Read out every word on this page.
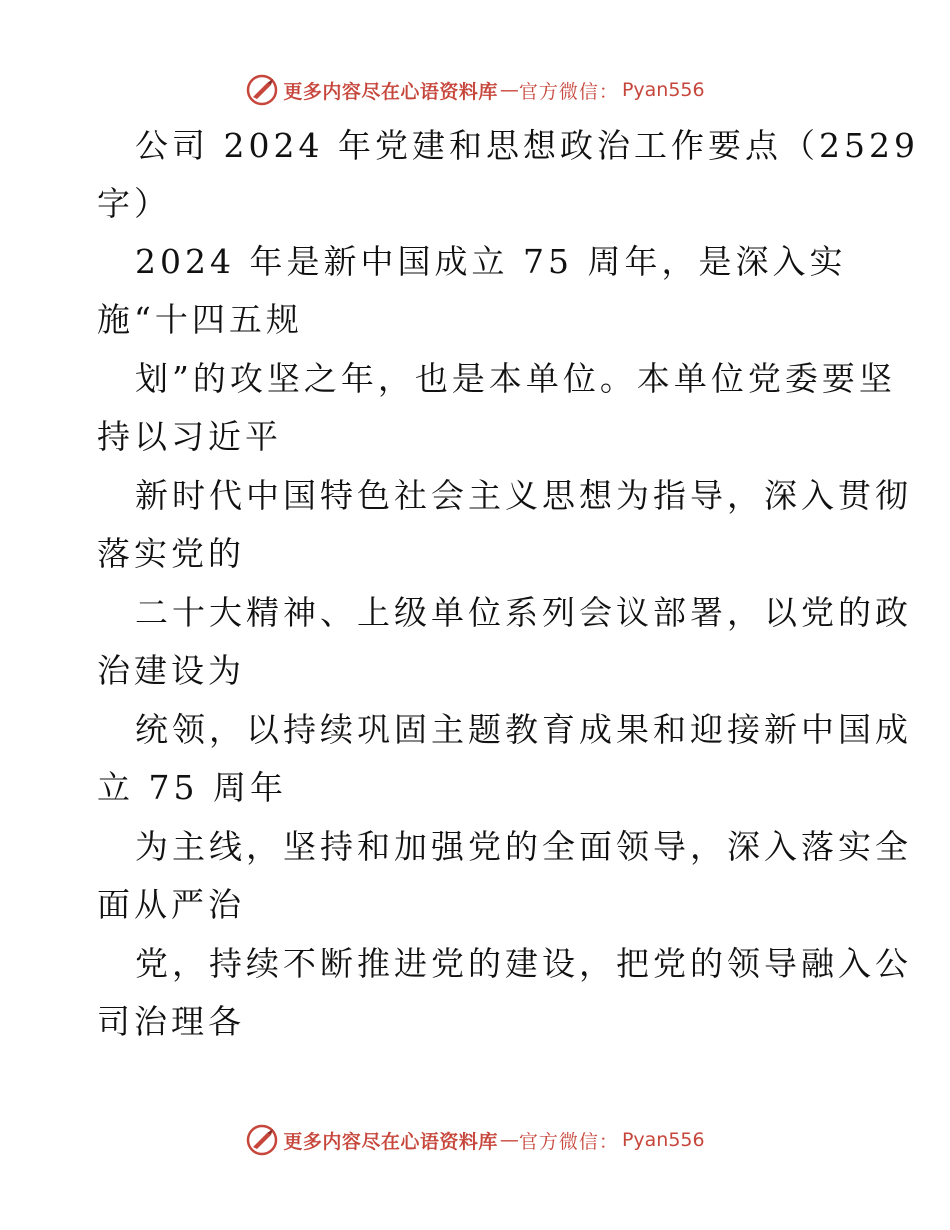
更多内容尽在心语资料库 — 官方微信 ： Pyan556
公司 2024 年党建和思想政治工作要点（2529
字）
2024 年是新中国成立 75 周年，是深入实
施“十四五规
划”的攻坚之年，也是本单位。本单位党委要坚
持以习近平
新时代中国特色社会主义思想为指导，深入贯彻
落实党的
二十大精神、上级单位系列会议部署，以党的政
治建设为
统领，以持续巩固主题教育成果和迎接新中国成
立 75 周年
为主线，坚持和加强党的全面领导，深入落实全
面从严治
党，持续不断推进党的建设，把党的领导融入公
司治理各
更多内容尽在心语资料库 — 官方微信 ： Pyan556
